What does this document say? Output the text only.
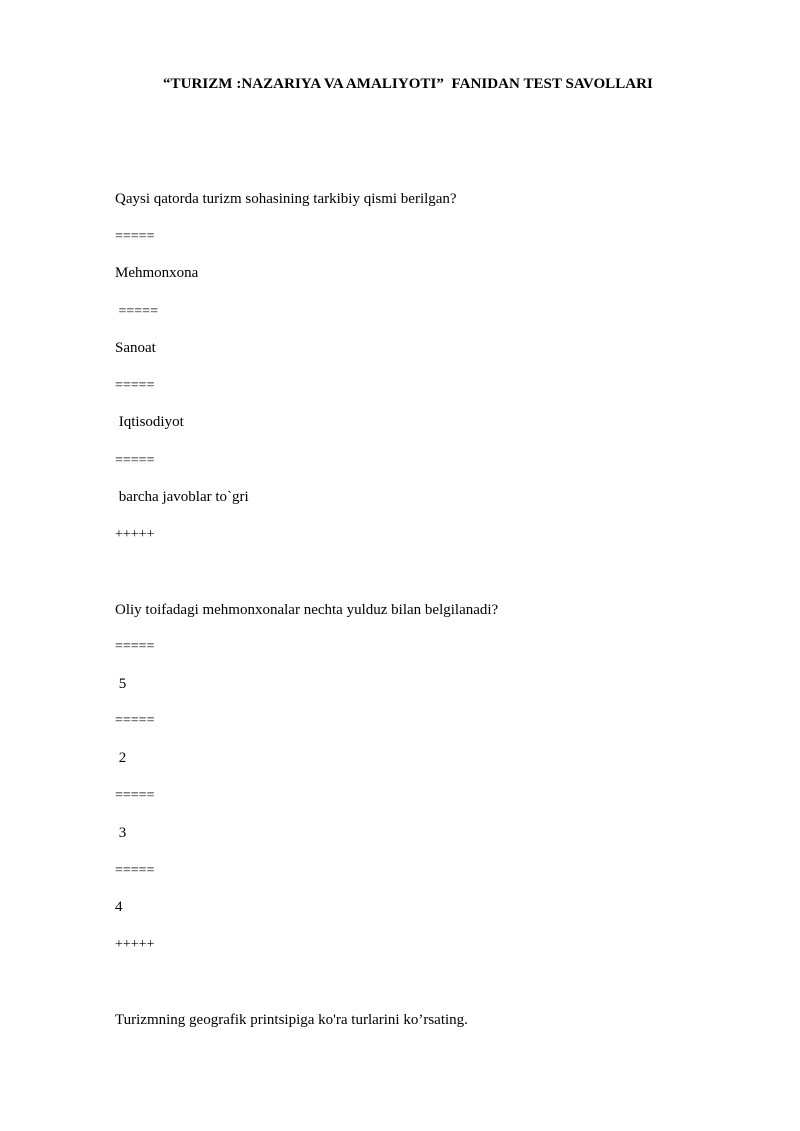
“TURIZM :NAZARIYA VA AMALIYOTI”  FANIDAN TEST SAVOLLARI
Qaysi qatorda turizm sohasining tarkibiy qismi berilgan?
=====
Mehmonxona
=====
Sanoat
=====
Iqtisodiyot
=====
barcha javoblar to`gri
+++++
Oliy toifadagi mehmonxonalar nechta yulduz bilan belgilanadi?
=====
5
=====
2
=====
3
=====
4
+++++
Turizmning geografik printsipiga ko'ra turlarini ko’rsating.
